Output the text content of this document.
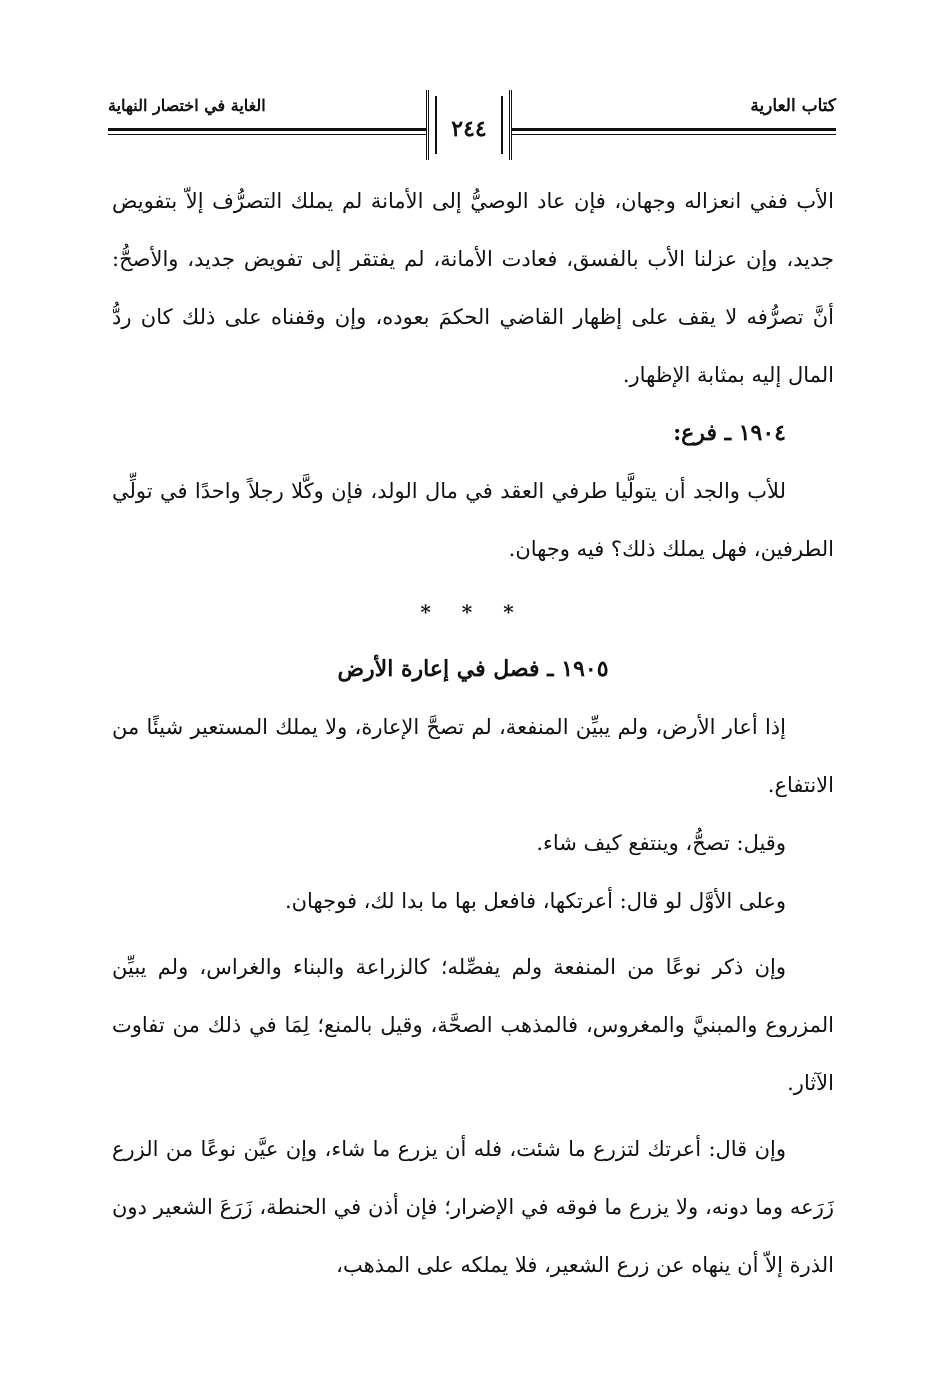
الغاية في اختصار النهاية	كتاب العارية
٢٤٤

الأب ففي انعزاله وجهان، فإن عاد الوصيُّ إلى الأمانة لم يملك التصرُّف إلاّ بتفويض جديد، وإن عزلنا الأب بالفسق، فعادت الأمانة، لم يفتقر إلى تفويض جديد، والأصحُّ: أنَّ تصرُّفه لا يقف على إظهار القاضي الحكمَ بعوده، وإن وقفناه على ذلك كان ردُّ المال إليه بمثابة الإظهار.

١٩٠٤ ـ فرع:

للأب والجد أن يتولَّيا طرفي العقد في مال الولد، فإن وكَّلا رجلاً واحدًا في تولِّي الطرفين، فهل يملك ذلك؟ فيه وجهان.

* * *

١٩٠٥ ـ فصل في إعارة الأرض

إذا أعار الأرض، ولم يبيِّن المنفعة، لم تصحَّ الإعارة، ولا يملك المستعير شيئًا من الانتفاع.

وقيل: تصحُّ، وينتفع كيف شاء.

وعلى الأوَّل لو قال: أعرتكها، فافعل بها ما بدا لك، فوجهان.

وإن ذكر نوعًا من المنفعة ولم يفصِّله؛ كالزراعة والبناء والغراس، ولم يبيِّن المزروع والمبنيَّ والمغروس، فالمذهب الصحَّة، وقيل بالمنع؛ لِمَا في ذلك من تفاوت الآثار.

وإن قال: أعرتك لتزرع ما شئت، فله أن يزرع ما شاء، وإن عيَّن نوعًا من الزرع زَرَعه وما دونه، ولا يزرع ما فوقه في الإضرار؛ فإن أذن في الحنطة، زَرَعَ الشعير دون الذرة إلاّ أن ينهاه عن زرع الشعير، فلا يملكه على المذهب،
